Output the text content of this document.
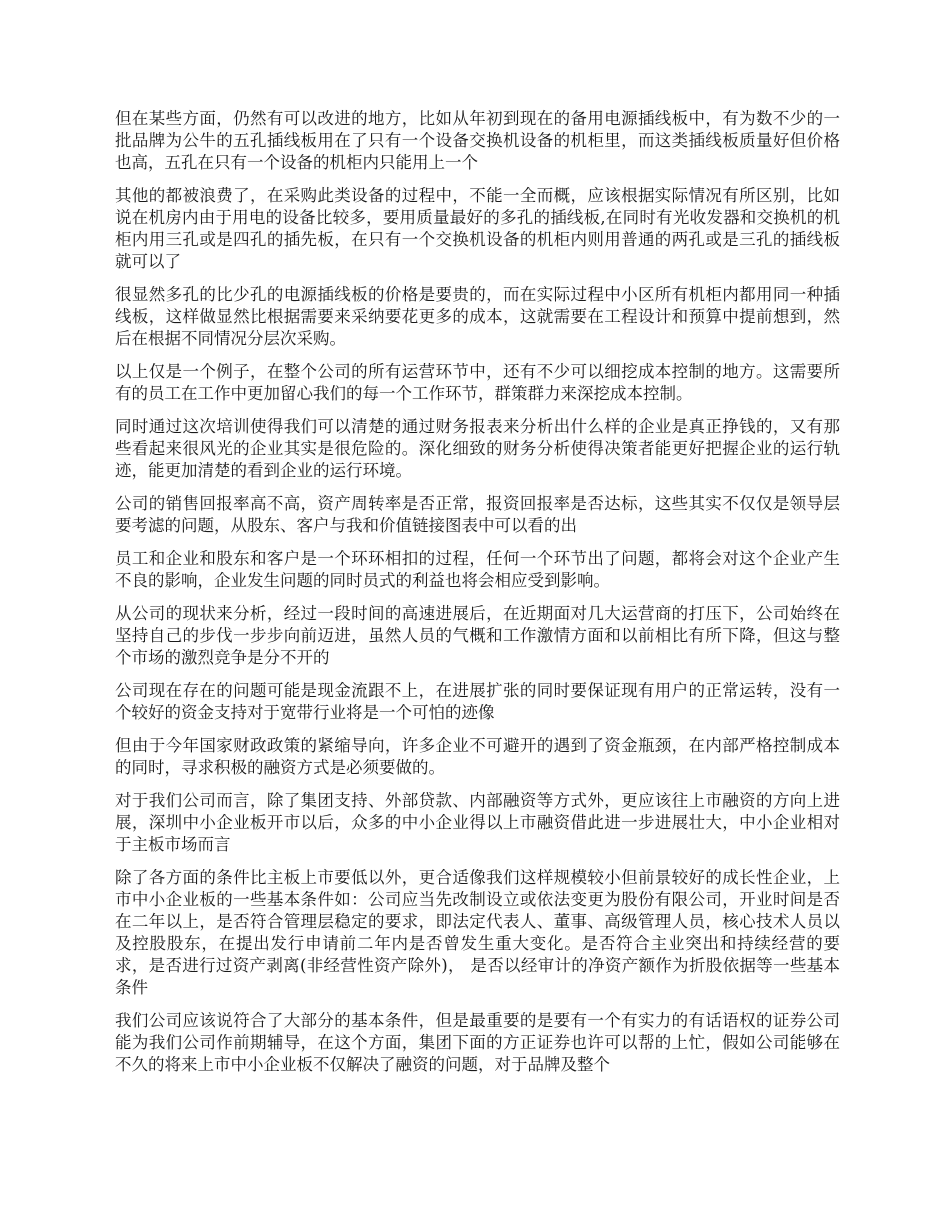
但在某些方面，仍然有可以改进的地方，比如从年初到现在的备用电源插线板中，有为数不少的一批品牌为公牛的五孔插线板用在了只有一个设备交换机设备的机柜里，而这类插线板质量好但价格也高，五孔在只有一个设备的机柜内只能用上一个

其他的都被浪费了，在采购此类设备的过程中，不能一全而概，应该根据实际情况有所区别，比如说在机房内由于用电的设备比较多，要用质量最好的多孔的插线板,在同时有光收发器和交换机的机柜内用三孔或是四孔的插先板，在只有一个交换机设备的机柜内则用普通的两孔或是三孔的插线板就可以了

很显然多孔的比少孔的电源插线板的价格是要贵的，而在实际过程中小区所有机柜内都用同一种插线板，这样做显然比根据需要来采纳要花更多的成本，这就需要在工程设计和预算中提前想到，然后在根据不同情况分层次采购。

以上仅是一个例子，在整个公司的所有运营环节中，还有不少可以细挖成本控制的地方。这需要所有的员工在工作中更加留心我们的每一个工作环节，群策群力来深挖成本控制。

同时通过这次培训使得我们可以清楚的通过财务报表来分析出什么样的企业是真正挣钱的，又有那些看起来很风光的企业其实是很危险的。深化细致的财务分析使得决策者能更好把握企业的运行轨迹，能更加清楚的看到企业的运行环境。

公司的销售回报率高不高，资产周转率是否正常，报资回报率是否达标，这些其实不仅仅是领导层要考滤的问题，从股东、客户与我和价值链接图表中可以看的出

员工和企业和股东和客户是一个环环相扣的过程，任何一个环节出了问题，都将会对这个企业产生不良的影响，企业发生问题的同时员式的利益也将会相应受到影响。

从公司的现状来分析，经过一段时间的高速进展后，在近期面对几大运营商的打压下，公司始终在坚持自己的步伐一步步向前迈进，虽然人员的气概和工作激情方面和以前相比有所下降，但这与整个市场的激烈竞争是分不开的

公司现在存在的问题可能是现金流跟不上，在进展扩张的同时要保证现有用户的正常运转，没有一个较好的资金支持对于宽带行业将是一个可怕的迹像

但由于今年国家财政政策的紧缩导向，许多企业不可避开的遇到了资金瓶颈，在内部严格控制成本的同时，寻求积极的融资方式是必须要做的。

对于我们公司而言，除了集团支持、外部贷款、内部融资等方式外，更应该往上市融资的方向上进展，深圳中小企业板开市以后，众多的中小企业得以上市融资借此进一步进展壮大，中小企业相对于主板市场而言

除了各方面的条件比主板上市要低以外，更合适像我们这样规模较小但前景较好的成长性企业，上市中小企业板的一些基本条件如：公司应当先改制设立或依法变更为股份有限公司，开业时间是否在二年以上，是否符合管理层稳定的要求，即法定代表人、董事、高级管理人员，核心技术人员以及控股股东，在提出发行申请前二年内是否曾发生重大变化。是否符合主业突出和持续经营的要求，是否进行过资产剥离(非经营性资产除外)， 是否以经审计的净资产额作为折股依据等一些基本条件

我们公司应该说符合了大部分的基本条件，但是最重要的是要有一个有实力的有话语权的证券公司能为我们公司作前期辅导，在这个方面，集团下面的方正证券也许可以帮的上忙，假如公司能够在不久的将来上市中小企业板不仅解决了融资的问题，对于品牌及整个
